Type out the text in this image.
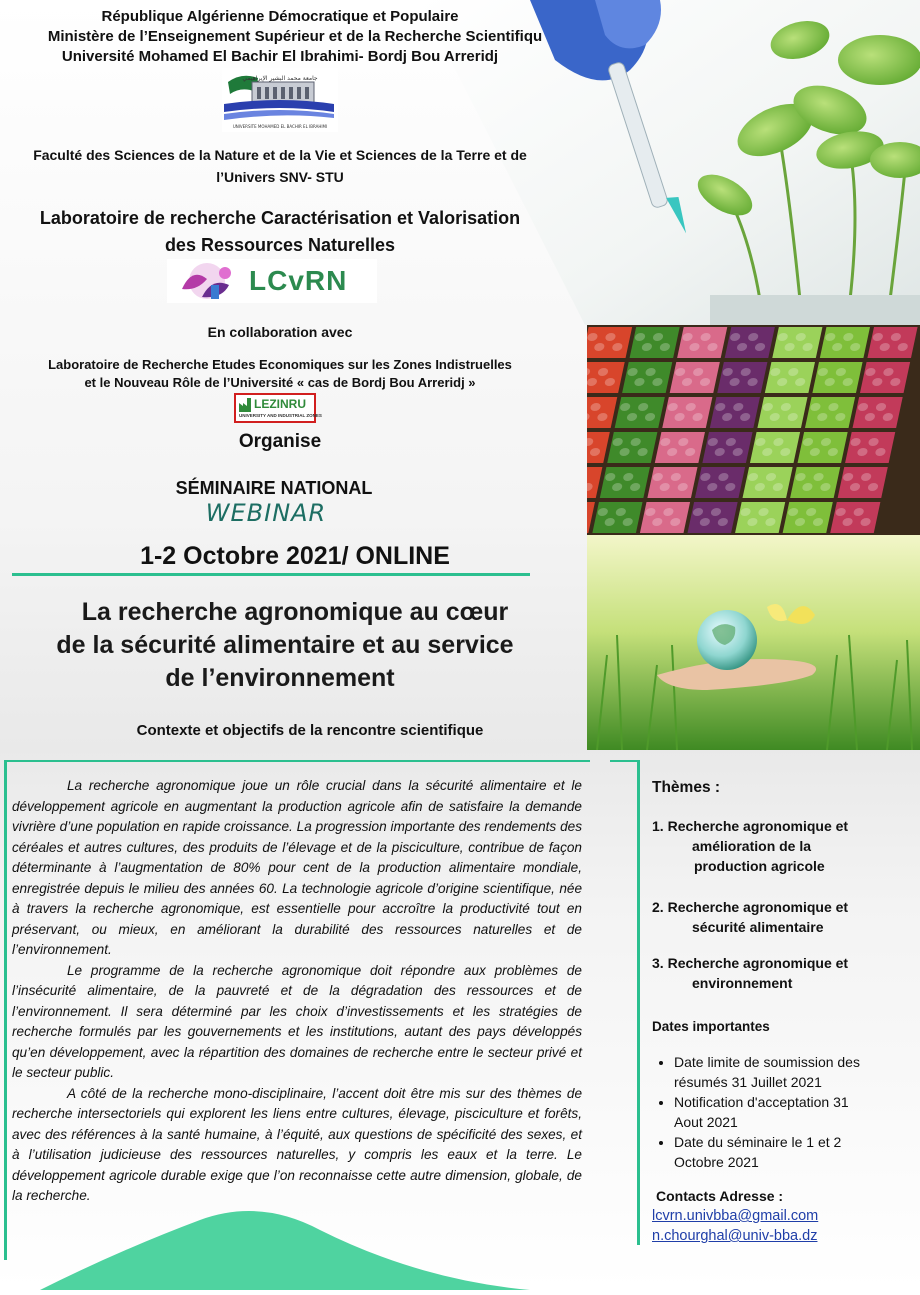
République Algérienne Démocratique et Populaire
Ministère de l’Enseignement Supérieur et de la Recherche Scientifiqu
Université Mohamed El Bachir El Ibrahimi- Bordj Bou Arreridj
جامعة محمد البشير الإبراهيمي
UNIVERSITE MOHAMED EL BACHIR EL IBRAHIMI
Faculté des Sciences de la Nature et de la Vie et Sciences de la Terre et de
l’Univers SNV- STU
Laboratoire de recherche Caractérisation et Valorisation
des Ressources Naturelles
LCvRN
En collaboration avec
Laboratoire de Recherche Etudes Economiques sur les Zones Indistruelles
et le Nouveau Rôle de l’Université « cas de Bordj Bou Arreridj »
LEZINRU
UNIVERSITY AND INDUSTRIAL ZONES
Organise
SÉMINAIRE NATIONAL
WEBINAR
1-2 Octobre 2021/ ONLINE
La recherche agronomique au cœur
de la sécurité alimentaire et au service
de l’environnement
Contexte et objectifs de la rencontre scientifique

La recherche agronomique joue un rôle crucial dans la sécurité alimentaire et le développement agricole en augmentant la production agricole afin de satisfaire la demande vivrière d’une population en rapide croissance. La progression importante des rendements des céréales et autres cultures, des produits de l’élevage et de la pisciculture, contribue de façon déterminante à l’augmentation de 80% pour cent de la production alimentaire mondiale, enregistrée depuis le milieu des années 60. La technologie agricole d’origine scientifique, née à travers la recherche agronomique, est essentielle pour accroître la productivité tout en préservant, ou mieux, en améliorant la durabilité des ressources naturelles et de l’environnement.

Le programme de la recherche agronomique doit répondre aux problèmes de l’insécurité alimentaire, de la pauvreté et de la dégradation des ressources et de l’environnement. Il sera déterminé par les choix d’investissements et les stratégies de recherche formulés par les gouvernements et les institutions, autant des pays développés qu’en développement, avec la répartition des domaines de recherche entre le secteur privé et le secteur public.

A côté de la recherche mono-disciplinaire, l’accent doit être mis sur des thèmes de recherche intersectoriels qui explorent les liens entre cultures, élevage, pisciculture et forêts, avec des références à la santé humaine, à l’équité, aux questions de spécificité des sexes, et à l’utilisation judicieuse des ressources naturelles, y compris les eaux et la terre. Le développement agricole durable exige que l’on reconnaisse cette autre dimension, globale, de la recherche.

Thèmes :
1. Recherche agronomique et
amélioration de la
production agricole
2. Recherche agronomique et
sécurité alimentaire
3. Recherche agronomique et
environnement
Dates importantes
• Date limite de soumission des
résumés 31 Juillet 2021
• Notification d'acceptation 31
Aout 2021
• Date du séminaire le 1 et 2
Octobre 2021
Contacts Adresse :
lcvrn.univbba@gmail.com
n.chourghal@univ-bba.dz
